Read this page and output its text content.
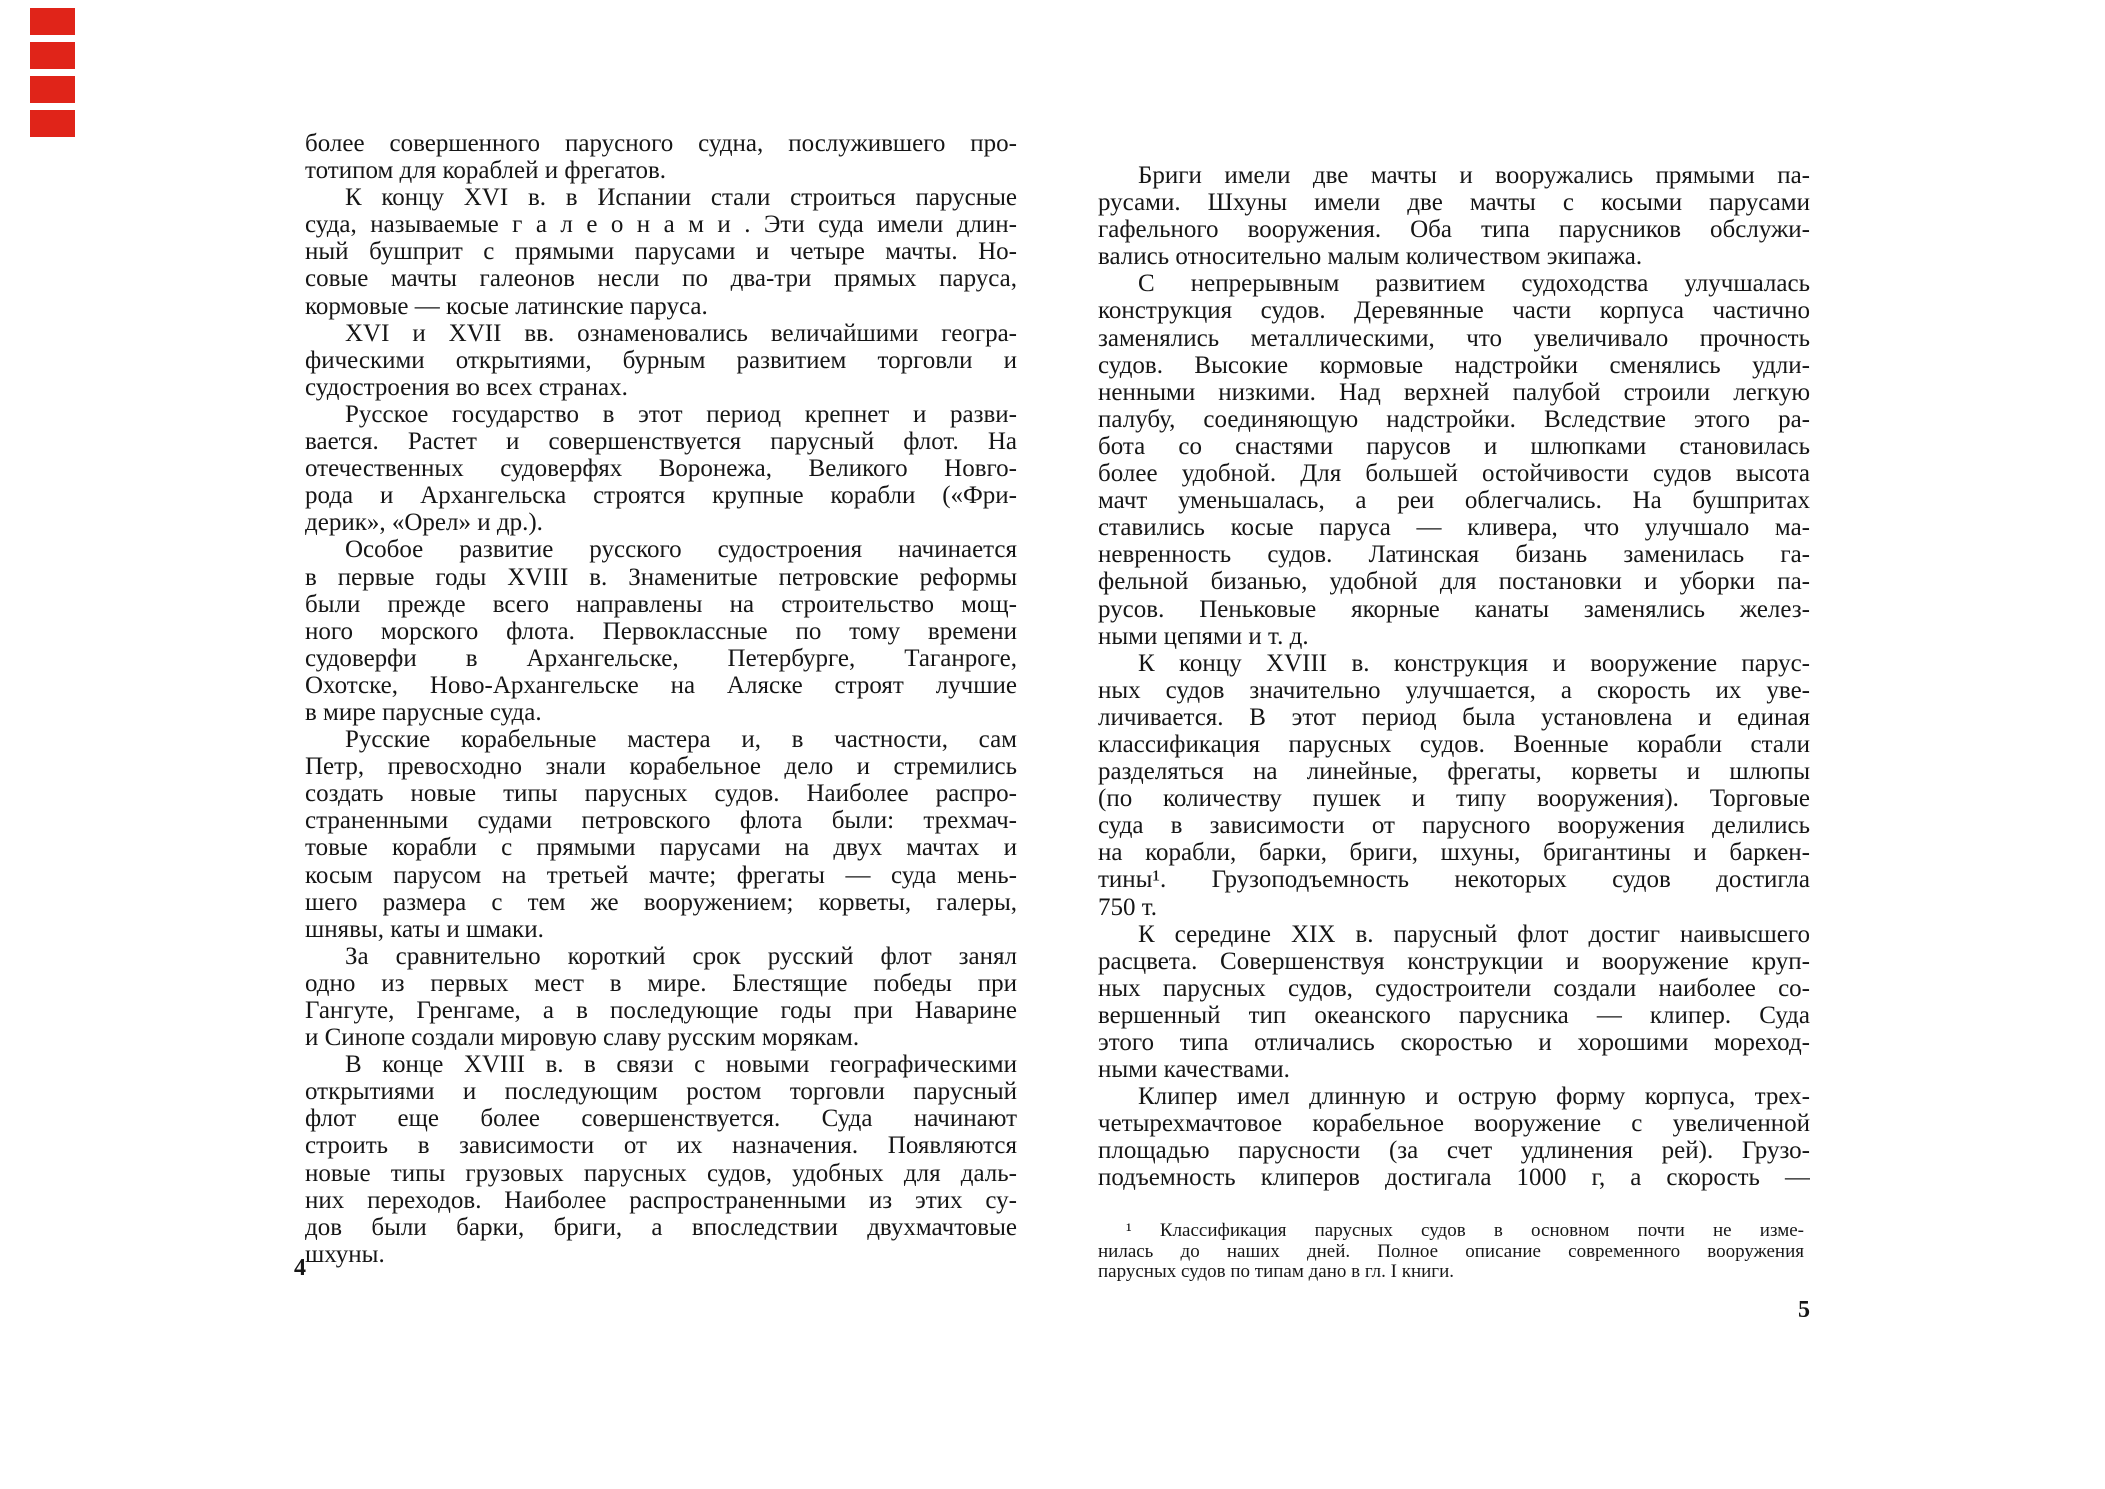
более совершенного парусного судна, послужившего про-
тотипом для кораблей и фрегатов.
К концу XVI в. в Испании стали строиться парусные
суда, называемые г а л е о н а м и . Эти суда имели длин-
ный бушприт с прямыми парусами и четыре мачты. Но-
совые мачты галеонов несли по два-три прямых паруса,
кормовые — косые латинские паруса.
XVI и XVII вв. ознаменовались величайшими геогра-
фическими открытиями, бурным развитием торговли и
судостроения во всех странах.
Русское государство в этот период крепнет и разви-
вается. Растет и совершенствуется парусный флот. На
отечественных судоверфях Воронежа, Великого Новго-
рода и Архангельска строятся крупные корабли («Фри-
дерик», «Орел» и др.).
Особое развитие русского судостроения начинается
в первые годы XVIII в. Знаменитые петровские реформы
были прежде всего направлены на строительство мощ-
ного морского флота. Первоклассные по тому времени
судоверфи в Архангельске, Петербурге, Таганроге,
Охотске, Ново-Архангельске на Аляске строят лучшие
в мире парусные суда.
Русские корабельные мастера и, в частности, сам
Петр, превосходно знали корабельное дело и стремились
создать новые типы парусных судов. Наиболее распро-
страненными судами петровского флота были: трехмач-
товые корабли с прямыми парусами на двух мачтах и
косым парусом на третьей мачте; фрегаты — суда мень-
шего размера с тем же вооружением; корветы, галеры,
шнявы, каты и шмаки.
За сравнительно короткий срок русский флот занял
одно из первых мест в мире. Блестящие победы при
Гангуте, Гренгаме, а в последующие годы при Наварине
и Синопе создали мировую славу русским морякам.
В конце XVIII в. в связи с новыми географическими
открытиями и последующим ростом торговли парусный
флот еще более совершенствуется. Суда начинают
строить в зависимости от их назначения. Появляются
новые типы грузовых парусных судов, удобных для даль-
них переходов. Наиболее распространенными из этих су-
дов были барки, бриги, а впоследствии двухмачтовые
шхуны.
4
Бриги имели две мачты и вооружались прямыми па-
русами. Шхуны имели две мачты с косыми парусами
гафельного вооружения. Оба типа парусников обслужи-
вались относительно малым количеством экипажа.
С непрерывным развитием судоходства улучшалась
конструкция судов. Деревянные части корпуса частично
заменялись металлическими, что увеличивало прочность
судов. Высокие кормовые надстройки сменялись удли-
ненными низкими. Над верхней палубой строили легкую
палубу, соединяющую надстройки. Вследствие этого ра-
бота со снастями парусов и шлюпками становилась
более удобной. Для большей остойчивости судов высота
мачт уменьшалась, а реи облегчались. На бушпритах
ставились косые паруса — кливера, что улучшало ма-
невренность судов. Латинская бизань заменилась га-
фельной бизанью, удобной для постановки и уборки па-
русов. Пеньковые якорные канаты заменялись желез-
ными цепями и т. д.
К концу XVIII в. конструкция и вооружение парус-
ных судов значительно улучшается, а скорость их уве-
личивается. В этот период была установлена и единая
классификация парусных судов. Военные корабли стали
разделяться на линейные, фрегаты, корветы и шлюпы
(по количеству пушек и типу вооружения). Торговые
суда в зависимости от парусного вооружения делились
на корабли, барки, бриги, шхуны, бригантины и баркен-
тины¹. Грузоподъемность некоторых судов достигла
750 т.
К середине XIX в. парусный флот достиг наивысшего
расцвета. Совершенствуя конструкции и вооружение круп-
ных парусных судов, судостроители создали наиболее со-
вершенный тип океанского парусника — клипер. Суда
этого типа отличались скоростью и хорошими мореход-
ными качествами.
Клипер имел длинную и острую форму корпуса, трех-
четырехмачтовое корабельное вооружение с увеличенной
площадью парусности (за счет удлинения рей). Грузо-
подъемность клиперов достигала 1000 г, а скорость —
¹ Классификация парусных судов в основном почти не изме-
нилась до наших дней. Полное описание современного вооружения
парусных судов по типам дано в гл. I книги.
5
